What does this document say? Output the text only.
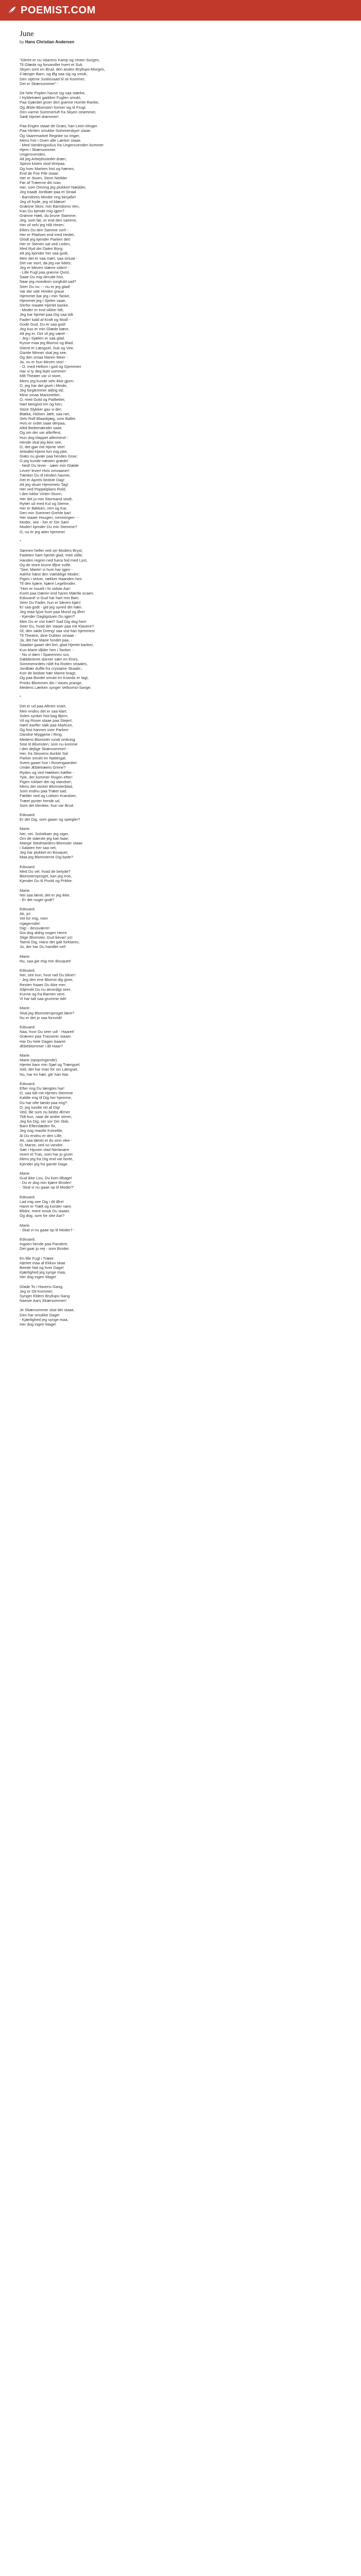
POEMIST.COM
June
by Hans Christian Andersen
"Glemt er nu Vaarens Kamp og Vinter-Sorgen,
Til Glæde og forvandlet hvert et Suk.
Skyen som en Brud, den anden Bryllups-Morgen,
Il længer Barn, og Øg saa sig og smuk,
Den stjerne Justitsraad til sit Kommer,
Det er Skærsommer" -
De hele Poplen havse sig saa stærke,
I Hyldetræet gaddrer Fuglen smukt,
Paa Gjærdet groer den grønne Humle-Ranke,
Og Æble-Blomsten former sig til Frugt.
Den varme Sommerluft fra Skyen strømmer,
Sødt Hjertet drømmer!
Paa Engen staae de Græs; han Leen klinger.
Paa Himlen smukke Sommerskyer staae.
Og Vaaremarket Regnbe so ringer,
Mens hvir i Duen alle Lærker staae.
- Med Vandringsskus fra Ungersvenden kommer
Hjem i Skærsommer.
Ungersvenden,
Alt jeg Arbejdsstedet dræn,
Spinnt kisten stod tilrepaa.
Og hver Marken hist og hænen,
End de Fire Pile staae.
Her er Stuen, Store Nedder
Før af Træerne din Ivan.
Her, som Omring jeg plukkerl Nædder,
Jeg traadt Jordbær paa et Straal
- Barndoms Minder ring berjaße!
Jeg vil fryde, jeg vil blæse!
Græsne Skov, min Barndoms Ven,
Kan Du kjende mig igjen?
Grønne Hæk, du brune Stamme,
Jeg, som før, er end den samme,
Her vil selv jeg Hlå Hmen.
Ellers Du den Samme vorl! -
Her er Pladsen end med Hedet,
Glodt jeg kjender Parken det!
Her er Stenen sat ved Leden,
Med Ryd din Dalen Borg;
Alt jeg kjender her saa godt,
Men det er saa mørt, saa smuat -
Det var stort, da jeg var lidets;
Jeg er bleven stærre siden! -
- Lille Fugl paa grønne Qvist,
Saae Du mig derude hist,
Naar jeg moediom sorgfuld sad?
Seer Du nu - - nu er jeg glad!
Var der ude Himlen graue
Hjemmet bar jeg i min Tanke,
Hjemmet jeg i Sjelen vaae,
Derfor maatte Hjertet banke.
- Moder er end sikker lidt,
Jeg har hjertet paa Dig saa tidt.
Fader! kald af Kraft og Mod! -
Gode Gud, Du er saa god!
Jeg kun er min Glæde bære,
Alt jeg er, Dirt vil jeg væré! -
- Jeg i Sjælen er saa glad,
Kysse maa jeg Blomst og Blad,
Glemt er Længsel, Suk og Vee,
Gamle Minner skal jeg see,
Og den smaa Maren Meer -
Ja, nu er hun bleven stor! -
- O, med Hellom i god og Gjemmen
Har vi ty deg lejet sommer!
Milt Theater var vi store,
Mens jeg kunde selv ikke gjorn;
O, jeg har det givet i Minde,
Jeg forglemmer aldrig tid;
Mine smaa Marionetter,
O, med Gold og Paillietter,
Hart beegivd em og hen;
Store Slykker gav vi der;
Blæka, Hidsen Jætt, saa net,
Selv Rolf Blaaskjæg, som Ballet.
Hvis er ordet saae derpaa,
Altid Bedemænder saae.
Og om der var allerflest,
Hun dog klappet allermest! -
Hende skal jeg ikke see,
O, det gjør mit Hjerte Vee!
Ahlodlid-Hjemt fort mig plet,
Giæs nu givær paa hendes Grav;
O jeg kunde næsten græde!
- Ned! Du tever - sæer min Glæde
Lever! lever! Hvis omvaaner!
Tænker Du til Hinden havner,
Det er Aprels bedste Dag!
Alt jeg skuer Hjemmets Tag!
Her ved Poppelplans Rold,
I den lokke Vinter-Stunn,
Her det jo min Stormand stodt,
Ryttet ud med Kul og Steme,
Her er Bøkken, rem og Kar,
Den min Sommer-Grehle bar!
Her staaer Hougen, rommingen - -
Moder, see - her er Din Søn!
Moder! kjender Du min Stemme?
O, nu er jeg atter hjemme!
*
Sønnen heller ved sin Moders Bryst,
Fadeten ham hjertet glad, mee stille;
Handen regnin ned fuera fod med Lyst,
Og de store brune Øjne sville.
"See, Mørte! vi hum har igjen -
Aahhe hæst den Vælsklige Moder;
Pigen i selver, rækker Haanden hen
Til den kjære, kjære Legebroder.
"Hon er noueli i liv sidste Aar!
Komt paa Dæren end hares Mærtle ocaen.
Edouard! vi Gud har hart min Bøn;
Seer Du Fader, hun er bleven kjøn!
Er saa godt - gid jeg syned din hæn.
Jeg maa lyjse hum paa Mund og Øre!
- Kjender Dagligstuen Du igjen?
Men Du er vist træt? Sad Dig dog hen!
Seer Du, hvad der staaer paa mit Klavere?
Ol, den søde Dreng! saa vist han hjemmes!
Til Theatre, dine Dukker smaae -
Ja, det har Marie fundet paa, -
Saadan gaaer det fort, glad Hjertet banker,
Kun Marie tålder hen i Tanker. -
- Nu vi døm i Sparennes sus
Dæblerteret sbirner sæn en Enes,
Sommerordets nildt fra Roden straales,
Jordbær duflle fra crystalne Skaale:;
Kon de bedste hær Mame bragt;
Og paa Bordet smukt en Krands er lagt,
Prinks Blommen din i Vases prange,
Medens Lærken synger Velkomst-Sange.
*
Det er ud paa Aftnen snart,
Men endnu det er saa klart.
Solen synker hist bag Bjern,
Vil og Roser staae paa Stejerl;
Hørt! Aarfler sløk paa Markum,
Og fost hannes over Parken
Dandse Myggene i Ring,
Medens Blomster rundt omkring
Sise til Blomsten; som nu komme
i den dejlige Skærsommer! -
Her, fra Skovens dunkle Sal
Parker smukt en Nattergal;
Svem gaaer hvir i Rosengaarden
Under Æbletræets Grene?
Ryden og ved Hækken hæfter -
Tyle, der kommer Rogen efter!
Pigen roklaer der og standser,
Mens det sticker Blomsterblad,
Som endnu paa Træet sad.
Fælder ned og Lokken Krandser,
Træet pynter hende ud,
Som det klenkke, hun var Brud.
Edouard.
Er det Dig, som gaaer og spiegler?
Marie.
Nei, nei. Solstikaer jeg siger,
Om de stærste jeg kan faae;
Mange Stedmarders-Blomster staae
i Salaten her saa net,
Jeg har plukket en Bouquet,
Maa jeg Blomsterne Dig byde?
Edouard.
Med Du vel, hvad de betyde?
Blomstersproget, kan jeg troe,
Kjender Du til Punkt og Prikke.
Marie.
Nei saa læreL det er jeg ikke.
- Er det noget godt?
Edouard.
Ak, jo!
Vel for mig, men
rsjøgerndet:
Dig! - dessværre!
Gio dog aldrig nogen Herre
Slige Blomster, Gud bevar! os!
Taenk Dig, Hans det galt forklares;
Jo, der har Du handlet nel!
Marie.
Nu, saa gie mig min Bouquet!
Edouard.
Nei, see kun, hvor rad Du bliver!
- Jeg den ene Blomst dig giver,
Resten fraaer Du ikke mer;
Siljenskl Du nu atvordigt seer;
Kunne og fra Barnen vere,
Vi har talt saa grumme tidt!
Marie.
Skal jeg Blomstersproget lære?
Nu er det jo saa forsvidt!
Edouard.
Naa, hvor Du seer ud! - Haaret!
Græven paa Trasserer staaer.
Har Du hele Dagen baaret
Æbleblommer i dit Haar?
Marie.
Marie (opspringende).
Hjertet banr min Sjæl og Trængsel;
Seil, det har man for sin Længsel,
Nu, har en hæt, gitr han Nar.
Edouard.
Efter ring Du længtes har!
O, saa tidt mit Hjertes Stemme
Kaldte mig til Dig her hjemme,
Du har ofte tænkt paa mig?
O, jeg tundte ret af Dig!
Ved, tlle som nu bedst Ærner
Tidt kun, naar de andre stirrer,
Jeg fra Dig, ser sor Din Skik,
Baro Efterslæden fix,
Jeg nog mastte Kvinelile,
Al Du endnu er den Lille,
Ak, saa tænkt et du sinn vlee -
O, Marse, ved so vendre.
Sær i Hjusen vlad Nerlanøre.
Hvert et Tras, som har jo groet
Mens jeg fra Dig end var borte,
Kjender jeg fra gamle Dage.
Marie.
Gud ikke Lou, Du kom tilbage!
- Du er dog min kjære Broder!
- 'Skal vi nu gaae op til Moder?'
Edouard.
Lad mig see Dig i dit Øre!
Haret er Tiælt og kunder nøre.
Blidre, mere smuk Du staaer,
Og dog, som for otte Aar?
Marie.
- Skal vi nu gaae op til Moder? -
Edouard.
Ingoen hende paa Panderti;
Det gaar jo nej - som Broder.
En lille Fugl i Træet:
Hjertet maa af Ekkov skae
Beede Nat og hver Dage!
Kjærlighed jeg synge maa,
Her dog ingen Mage!
Glade To i Havens Gang,
Jeg er Dit Kommer;
Synger Elders Bryllups-Sang
Naeste Aars Skærsommer!
Je Skærsommer skal det staae,
Den har smukke Dage!
- Kjærlighed jeg synge maa,
Her dog ingen Mage!
